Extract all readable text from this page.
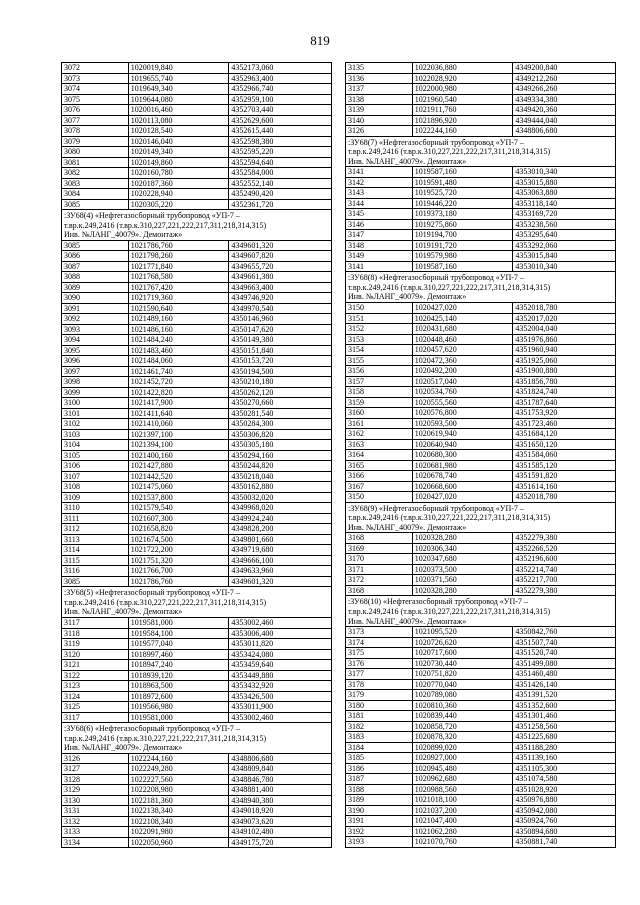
819
3072	1020019,840	4352173,060
3073	1019655,740	4352963,400
3074	1019649,340	4352966,740
3075	1019644,080	4352959,100
3076	1020016,460	4352703,440
3077	1020113,080	4352629,600
3078	1020128,540	4352615,440
3079	1020146,040	4352598,380
3080	1020149,340	4352595,220
3081	1020149,860	4352594,640
3082	1020160,780	4352584,000
3083	1020187,360	4352552,140
3084	1020228,940	4352490,420
3085	1020305,220	4352361,720
:ЗУ68(4) «Нефтегазосборный трубопровод «УП-7 –
т.вр.к.249,2416 (т.вр.к.310,227,221,222,217,311,218,314,315)
Инв. №ЛАНГ_40079». Демонтаж»
3085	1021786,760	4349601,320
3086	1021798,260	4349607,820
3087	1021771,840	4349655,720
3088	1021768,580	4349661,380
3089	1021767,420	4349663,400
3090	1021719,360	4349746,920
3091	1021590,640	4349970,540
3092	1021489,160	4350146,960
3093	1021486,160	4350147,620
3094	1021484,240	4350149,380
3095	1021483,460	4350151,840
3096	1021484,060	4350153,720
3097	1021461,740	4350194,500
3098	1021452,720	4350210,180
3099	1021422,820	4350262,120
3100	1021417,900	4350270,660
3101	1021411,640	4350281,540
3102	1021410,060	4350284,300
3103	1021397,100	4350306,820
3104	1021394,100	4350305,180
3105	1021400,160	4350294,160
3106	1021427,880	4350244,820
3107	1021442,520	4350218,040
3108	1021475,060	4350162,880
3109	1021537,800	4350032,020
3110	1021579,540	4349968,020
3111	1021607,300	4349924,240
3112	1021658,820	4349828,200
3113	1021674,500	4349801,660
3114	1021722,200	4349719,680
3115	1021751,320	4349666,100
3116	1021766,700	4349633,960
3085	1021786,760	4349601,320
:ЗУ68(5) «Нефтегазосборный трубопровод «УП-7 –
т.вр.к.249,2416 (т.вр.к.310,227,221,222,217,311,218,314,315)
Инв. №ЛАНГ_40079». Демонтаж»
3117	1019581,000	4353002,460
3118	1019584,100	4353006,400
3119	1019577,040	4353011,820
3120	1018997,460	4353424,080
3121	1018947,240	4353459,640
3122	1018939,120	4353449,880
3123	1018963,500	4353432,920
3124	1018972,600	4353426,500
3125	1019566,980	4353011,900
3117	1019581,000	4353002,460
:ЗУ68(6) «Нефтегазосборный трубопровод «УП-7 –
т.вр.к.249,2416 (т.вр.к.310,227,221,222,217,311,218,314,315)
Инв. №ЛАНГ_40079». Демонтаж»
3126	1022244,160	4348806,680
3127	1022249,280	4348809,840
3128	1022227,560	4348846,780
3129	1022208,980	4348881,400
3130	1022181,360	4348940,380
3131	1022138,340	4349018,920
3132	1022108,340	4349073,620
3133	1022091,980	4349102,480
3134	1022050,960	4349175,720
3135	1022036,880	4349200,840
3136	1022028,920	4349212,260
3137	1022000,980	4349266,260
3138	1021960,540	4349334,380
3139	1021911,760	4349420,360
3140	1021896,920	4349444,040
3126	1022244,160	4348806,680
:ЗУ68(7) «Нефтегазосборный трубопровод «УП-7 –
т.вр.к.249,2416 (т.вр.к.310,227,221,222,217,311,218,314,315)
Инв. №ЛАНГ_40079». Демонтаж»
3141	1019587,160	4353010,340
3142	1019591,480	4353015,880
3143	1019525,720	4353063,880
3144	1019446,220	4353118,140
3145	1019373,180	4353169,720
3146	1019275,860	4353238,560
3147	1019194,700	4353295,640
3148	1019191,720	4353292,060
3149	1019579,980	4353015,840
3141	1019587,160	4353010,340
:ЗУ68(8) «Нефтегазосборный трубопровод «УП-7 –
т.вр.к.249,2416 (т.вр.к.310,227,221,222,217,311,218,314,315)
Инв. №ЛАНГ_40079». Демонтаж»
3150	1020427,020	4352018,780
3151	1020425,140	4352017,020
3152	1020431,680	4352004,040
3153	1020448,460	4351976,860
3154	1020457,620	4351960,940
3155	1020472,360	4351925,060
3156	1020492,200	4351900,880
3157	1020517,040	4351856,780
3158	1020534,760	4351824,740
3159	1020555,560	4351787,640
3160	1020576,800	4351753,920
3161	1020593,500	4351723,460
3162	1020619,940	4351684,120
3163	1020640,940	4351650,120
3164	1020680,300	4351584,060
3165	1020681,980	4351585,120
3166	1020678,740	4351591,820
3167	1020668,600	4351614,160
3150	1020427,020	4352018,780
:ЗУ68(9) «Нефтегазосборный трубопровод «УП-7 –
т.вр.к.249,2416 (т.вр.к.310,227,221,222,217,311,218,314,315)
Инв. №ЛАНГ_40079». Демонтаж»
3168	1020328,280	4352279,380
3169	1020306,340	4352266,520
3170	1020347,680	4352196,600
3171	1020373,500	4352214,740
3172	1020371,560	4352217,700
3168	1020328,280	4352279,380
:ЗУ68(10) «Нефтегазосборный трубопровод «УП-7 –
т.вр.к.249,2416 (т.вр.к.310,227,221,222,217,311,218,314,315)
Инв. №ЛАНГ_40079». Демонтаж»
3173	1021095,520	4350842,760
3174	1020726,620	4351507,740
3175	1020717,600	4351520,740
3176	1020730,440	4351499,080
3177	1020751,820	4351460,480
3178	1020770,040	4351426,140
3179	1020789,080	4351391,520
3180	1020810,360	4351352,600
3181	1020839,440	4351301,460
3182	1020858,720	4351258,560
3183	1020878,320	4351225,680
3184	1020899,020	4351188,280
3185	1020927,000	4351139,160
3186	1020945,480	4351105,300
3187	1020962,680	4351074,580
3188	1020988,560	4351028,920
3189	1021018,100	4350976,880
3190	1021037,200	4350942,080
3191	1021047,400	4350924,760
3192	1021062,280	4350894,680
3193	1021070,760	4350881,740
